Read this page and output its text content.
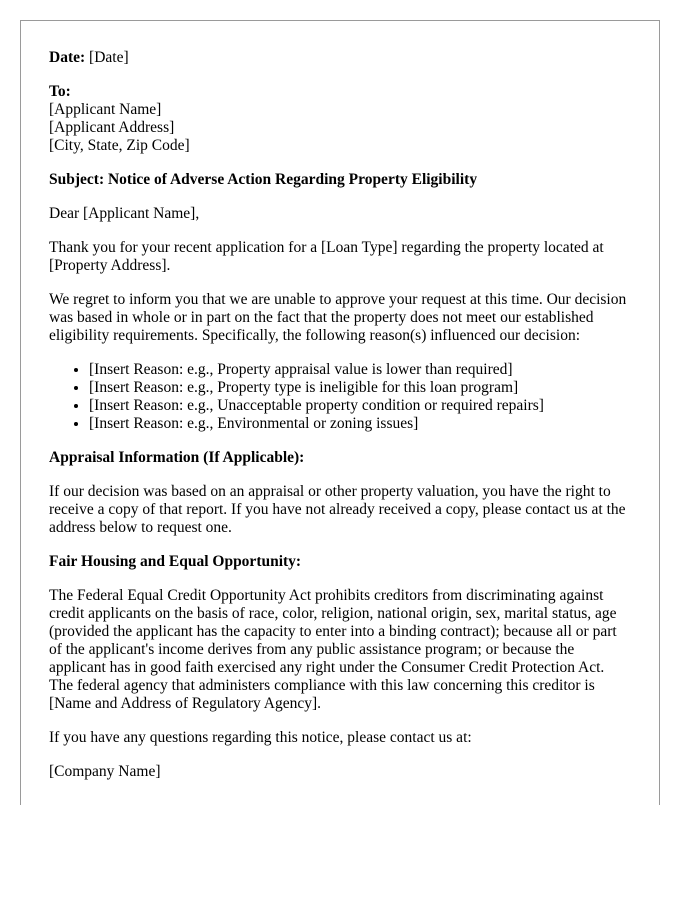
Date: [Date]

To:
[Applicant Name]
[Applicant Address]
[City, State, Zip Code]

Subject: Notice of Adverse Action Regarding Property Eligibility

Dear [Applicant Name],

Thank you for your recent application for a [Loan Type] regarding the property located at [Property Address].

We regret to inform you that we are unable to approve your request at this time. Our decision was based in whole or in part on the fact that the property does not meet our established eligibility requirements. Specifically, the following reason(s) influenced our decision:

• [Insert Reason: e.g., Property appraisal value is lower than required]
• [Insert Reason: e.g., Property type is ineligible for this loan program]
• [Insert Reason: e.g., Unacceptable property condition or required repairs]
• [Insert Reason: e.g., Environmental or zoning issues]

Appraisal Information (If Applicable):

If our decision was based on an appraisal or other property valuation, you have the right to receive a copy of that report. If you have not already received a copy, please contact us at the address below to request one.

Fair Housing and Equal Opportunity:

The Federal Equal Credit Opportunity Act prohibits creditors from discriminating against credit applicants on the basis of race, color, religion, national origin, sex, marital status, age (provided the applicant has the capacity to enter into a binding contract); because all or part of the applicant's income derives from any public assistance program; or because the applicant has in good faith exercised any right under the Consumer Credit Protection Act. The federal agency that administers compliance with this law concerning this creditor is [Name and Address of Regulatory Agency].

If you have any questions regarding this notice, please contact us at:

[Company Name]
